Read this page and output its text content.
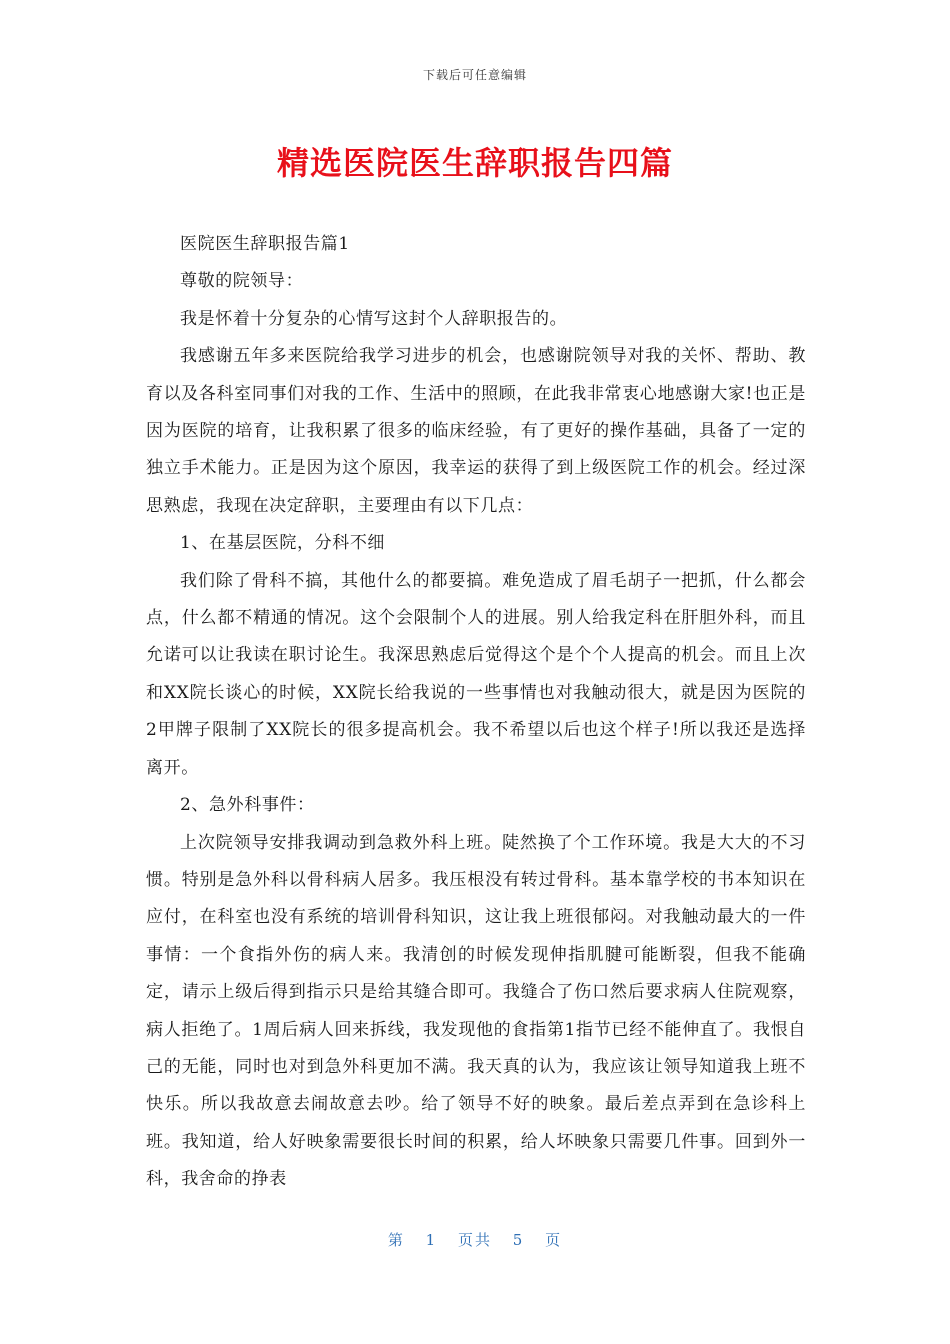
下载后可任意编辑
精选医院医生辞职报告四篇

医院医生辞职报告篇1

尊敬的院领导：

我是怀着十分复杂的心情写这封个人辞职报告的。

我感谢五年多来医院给我学习进步的机会，也感谢院领导对我的关怀、帮助、教育以及各科室同事们对我的工作、生活中的照顾，在此我非常衷心地感谢大家!也正是因为医院的培育，让我积累了很多的临床经验，有了更好的操作基础，具备了一定的独立手术能力。正是因为这个原因，我幸运的获得了到上级医院工作的机会。经过深思熟虑，我现在决定辞职，主要理由有以下几点：

1、在基层医院，分科不细

我们除了骨科不搞，其他什么的都要搞。难免造成了眉毛胡子一把抓，什么都会点，什么都不精通的情况。这个会限制个人的进展。别人给我定科在肝胆外科，而且允诺可以让我读在职讨论生。我深思熟虑后觉得这个是个个人提高的机会。而且上次和XX院长谈心的时候，XX院长给我说的一些事情也对我触动很大，就是因为医院的2甲牌子限制了XX院长的很多提高机会。我不希望以后也这个样子!所以我还是选择离开。

2、急外科事件：

上次院领导安排我调动到急救外科上班。陡然换了个工作环境。我是大大的不习惯。特别是急外科以骨科病人居多。我压根没有转过骨科。基本靠学校的书本知识在应付，在科室也没有系统的培训骨科知识，这让我上班很郁闷。对我触动最大的一件事情：一个食指外伤的病人来。我清创的时候发现伸指肌腱可能断裂，但我不能确定，请示上级后得到指示只是给其缝合即可。我缝合了伤口然后要求病人住院观察，病人拒绝了。1周后病人回来拆线，我发现他的食指第1指节已经不能伸直了。我恨自己的无能，同时也对到急外科更加不满。我天真的认为，我应该让领导知道我上班不快乐。所以我故意去闹故意去吵。给了领导不好的映象。最后差点弄到在急诊科上班。我知道，给人好映象需要很长时间的积累，给人坏映象只需要几件事。回到外一科，我舍命的挣表

第 1 页共 5 页
